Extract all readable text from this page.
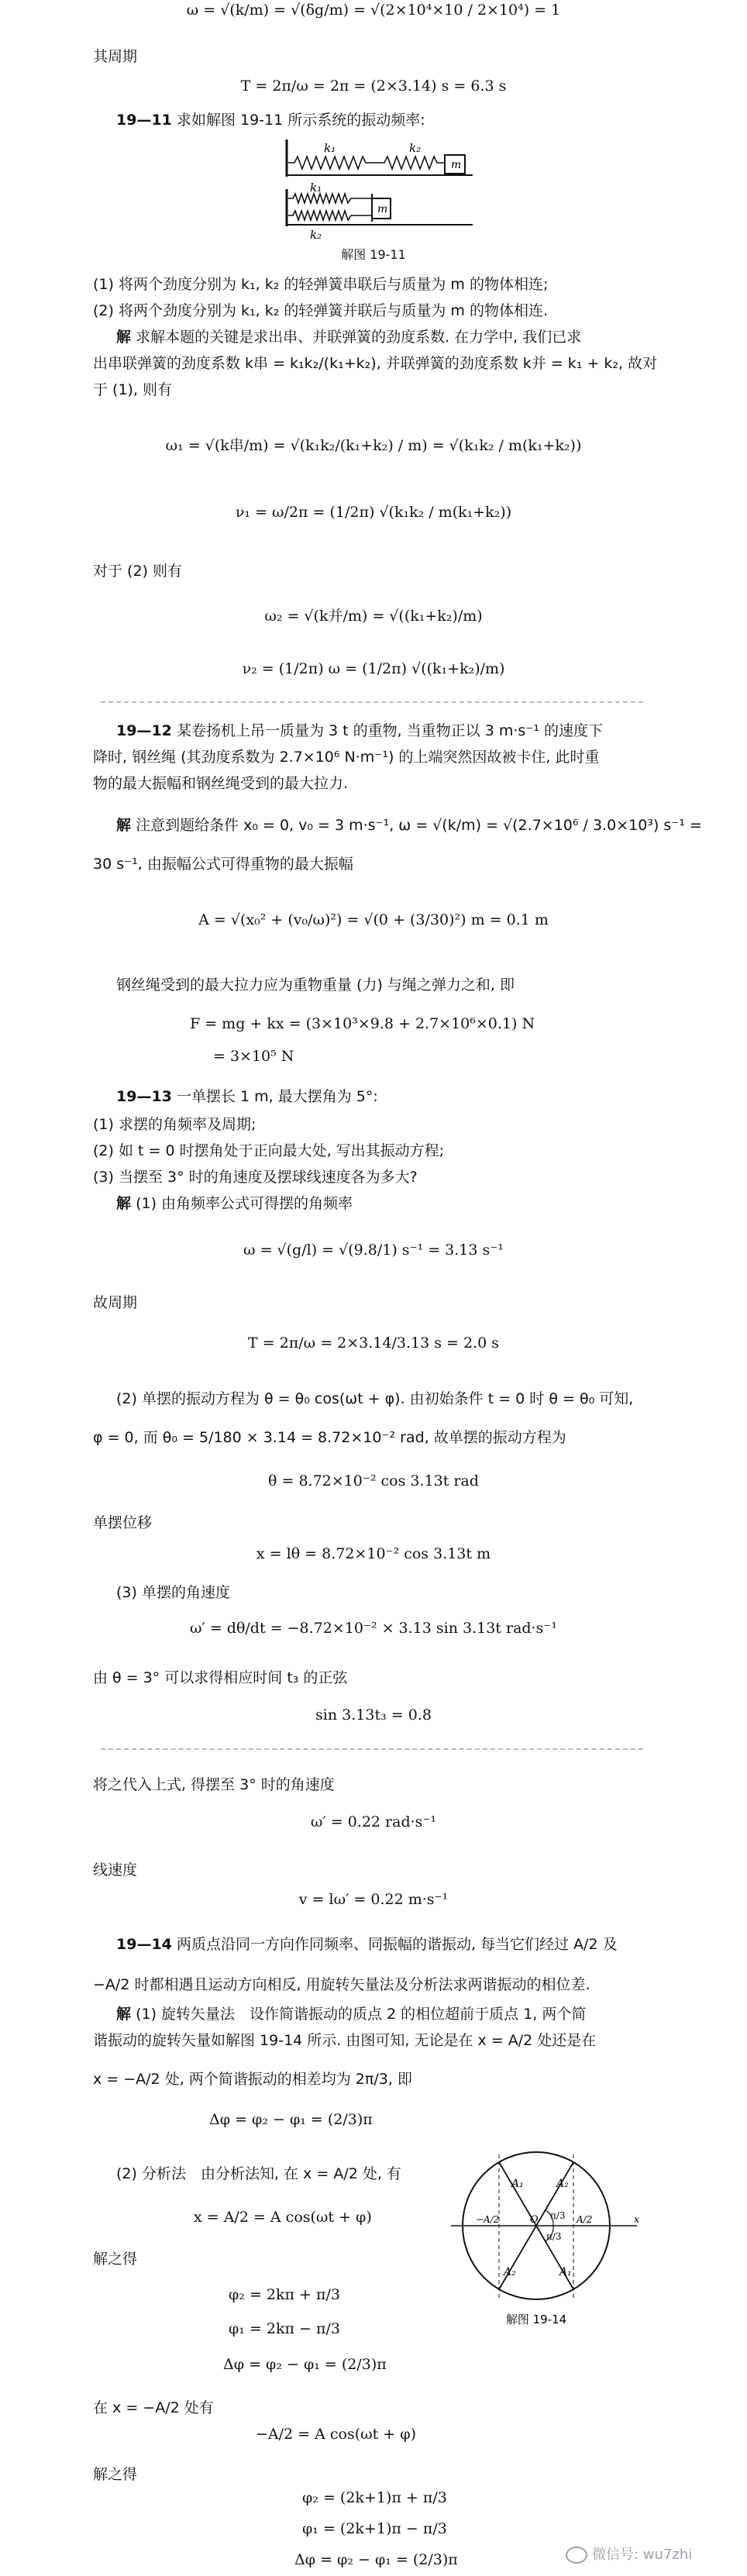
ω = √(k/m) = √(δg/m) = √(2×10⁴×10 / 2×10⁴) = 1
其周期
T = 2π/ω = 2π = (2×3.14) s = 6.3 s
19—11 求如解图 19-11 所示系统的振动频率:
k₁	k₂
m
k₁
k₂
m
解图 19-11
(1) 将两个劲度分别为 k₁, k₂ 的轻弹簧串联后与质量为 m 的物体相连;
(2) 将两个劲度分别为 k₁, k₂ 的轻弹簧并联后与质量为 m 的物体相连.
解 求解本题的关键是求出串、并联弹簧的劲度系数. 在力学中, 我们已求
出串联弹簧的劲度系数 k串 = k₁k₂/(k₁+k₂), 并联弹簧的劲度系数 k并 = k₁ + k₂, 故对
于 (1), 则有
ω₁ = √(k串/m) = √(k₁k₂/(k₁+k₂) / m) = √(k₁k₂ / m(k₁+k₂))
ν₁ = ω/2π = (1/2π) √(k₁k₂ / m(k₁+k₂))
对于 (2) 则有
ω₂ = √(k并/m) = √((k₁+k₂)/m)
ν₂ = (1/2π) ω = (1/2π) √((k₁+k₂)/m)
19—12 某卷扬机上吊一质量为 3 t 的重物, 当重物正以 3 m·s⁻¹ 的速度下
降时, 钢丝绳 (其劲度系数为 2.7×10⁶ N·m⁻¹) 的上端突然因故被卡住, 此时重
物的最大振幅和钢丝绳受到的最大拉力.
解 注意到题给条件 x₀ = 0, v₀ = 3 m·s⁻¹, ω = √(k/m) = √(2.7×10⁶ / 3.0×10³) s⁻¹ =
30 s⁻¹, 由振幅公式可得重物的最大振幅
A = √(x₀² + (v₀/ω)²) = √(0 + (3/30)²) m = 0.1 m
钢丝绳受到的最大拉力应为重物重量 (力) 与绳之弹力之和, 即
F = mg + kx = (3×10³×9.8 + 2.7×10⁶×0.1) N
= 3×10⁵ N
19—13 一单摆长 1 m, 最大摆角为 5°:
(1) 求摆的角频率及周期;
(2) 如 t = 0 时摆角处于正向最大处, 写出其振动方程;
(3) 当摆至 3° 时的角速度及摆球线速度各为多大?
解 (1) 由角频率公式可得摆的角频率
ω = √(g/l) = √(9.8/1) s⁻¹ = 3.13 s⁻¹
故周期
T = 2π/ω = 2×3.14/3.13 s = 2.0 s
(2) 单摆的振动方程为 θ = θ₀ cos(ωt + φ). 由初始条件 t = 0 时 θ = θ₀ 可知,
φ = 0, 而 θ₀ = 5/180 × 3.14 = 8.72×10⁻² rad, 故单摆的振动方程为
θ = 8.72×10⁻² cos 3.13t rad
单摆位移
x = lθ = 8.72×10⁻² cos 3.13t m
(3) 单摆的角速度
ω′ = dθ/dt = −8.72×10⁻² × 3.13 sin 3.13t rad·s⁻¹
由 θ = 3° 可以求得相应时间 t₃ 的正弦
sin 3.13t₃ = 0.8
将之代入上式, 得摆至 3° 时的角速度
ω′ = 0.22 rad·s⁻¹
线速度
v = lω′ = 0.22 m·s⁻¹
19—14 两质点沿同一方向作同频率、同振幅的谐振动, 每当它们经过 A/2 及
−A/2 时都相遇且运动方向相反, 用旋转矢量法及分析法求两谐振动的相位差.
解 (1) 旋转矢量法　设作简谐振动的质点 2 的相位超前于质点 1, 两个简
谐振动的旋转矢量如解图 19-14 所示. 由图可知, 无论是在 x = A/2 处还是在
x = −A/2 处, 两个简谐振动的相差均为 2π/3, 即
Δφ = φ₂ − φ₁ = (2/3)π
(2) 分析法　由分析法知, 在 x = A/2 处, 有
x = A/2 = A cos(ωt + φ)
解之得
φ₂ = 2kπ + π/3
φ₁ = 2kπ − π/3
Δφ = φ₂ − φ₁ = (2/3)π
在 x = −A/2 处有
−A/2 = A cos(ωt + φ)
解之得
φ₂ = (2k+1)π + π/3
φ₁ = (2k+1)π − π/3
Δφ = φ₂ − φ₁ = (2/3)π
A₁	A₂
A₂	A₁
π/3
π/3
O
−A/2	A/2	x
解图 19-14
微信号: wu7zhi
